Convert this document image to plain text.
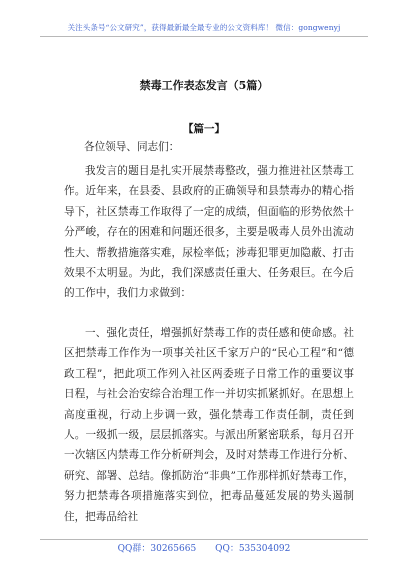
关注头条号“公文研究”，获得最新最全最专业的公文资料库！ 微信：gongwenyj
禁毒工作表态发言（5篇）
【篇一】
各位领导、同志们：

我发言的题目是扎实开展禁毒整改，强力推进社区禁毒工作。近年来，在县委、县政府的正确领导和县禁毒办的精心指导下，社区禁毒工作取得了一定的成绩，但面临的形势依然十分严峻，存在的困难和问题还很多，主要是吸毒人员外出流动性大、帮教措施落实难，尿检率低；涉毒犯罪更加隐蔽、打击效果不太明显。为此，我们深感责任重大、任务艰巨。在今后的工作中，我们力求做到：

一、强化责任，增强抓好禁毒工作的责任感和使命感。社区把禁毒工作作为一项事关社区千家万户的“民心工程”和“德政工程”，把此项工作列入社区两委班子日常工作的重要议事日程，与社会治安综合治理工作一并切实抓紧抓好。在思想上高度重视，行动上步调一致，强化禁毒工作责任制，责任到人。一级抓一级，层层抓落实。与派出所紧密联系，每月召开一次辖区内禁毒工作分析研判会，及时对禁毒工作进行分析、研究、部署、总结。像抓防治“非典”工作那样抓好禁毒工作，努力把禁毒各项措施落实到位，把毒品蔓延发展的势头遏制住，把毒品给社

QQ群：30265665 QQ：535304092
